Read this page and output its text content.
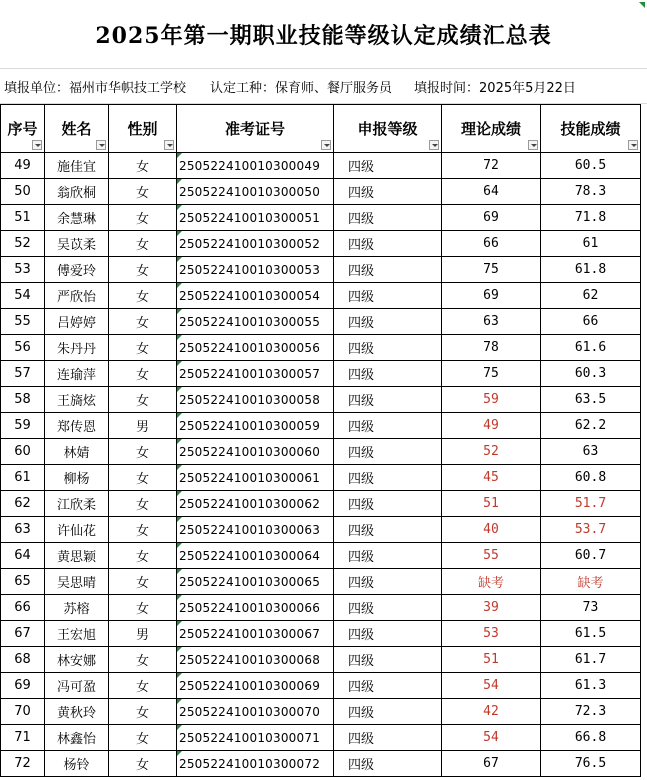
2025年第一期职业技能等级认定成绩汇总表
填报单位：福州市华帜技工学校 认定工种：保育师、餐厅服务员 填报时间：2025年5月22日
序号	姓名	性别	准考证号	申报等级	理论成绩	技能成绩

49	施佳宜	女	250522410010300049	四级	72	60.5
50	翁欣桐	女	250522410010300050	四级	64	78.3
51	余慧琳	女	250522410010300051	四级	69	71.8
52	吴苡柔	女	250522410010300052	四级	66	61
53	傅爱玲	女	250522410010300053	四级	75	61.8
54	严欣怡	女	250522410010300054	四级	69	62
55	吕婷婷	女	250522410010300055	四级	63	66
56	朱丹丹	女	250522410010300056	四级	78	61.6
57	连瑜萍	女	250522410010300057	四级	75	60.3
58	王旖炫	女	250522410010300058	四级	59	63.5
59	郑传恩	男	250522410010300059	四级	49	62.2
60	林婧	女	250522410010300060	四级	52	63
61	柳杨	女	250522410010300061	四级	45	60.8
62	江欣柔	女	250522410010300062	四级	51	51.7
63	许仙花	女	250522410010300063	四级	40	53.7
64	黄思颖	女	250522410010300064	四级	55	60.7
65	吴思晴	女	250522410010300065	四级	缺考	缺考
66	苏榕	女	250522410010300066	四级	39	73
67	王宏旭	男	250522410010300067	四级	53	61.5
68	林安娜	女	250522410010300068	四级	51	61.7
69	冯可盈	女	250522410010300069	四级	54	61.3
70	黄秋玲	女	250522410010300070	四级	42	72.3
71	林鑫怡	女	250522410010300071	四级	54	66.8
72	杨铃	女	250522410010300072	四级	67	76.5
